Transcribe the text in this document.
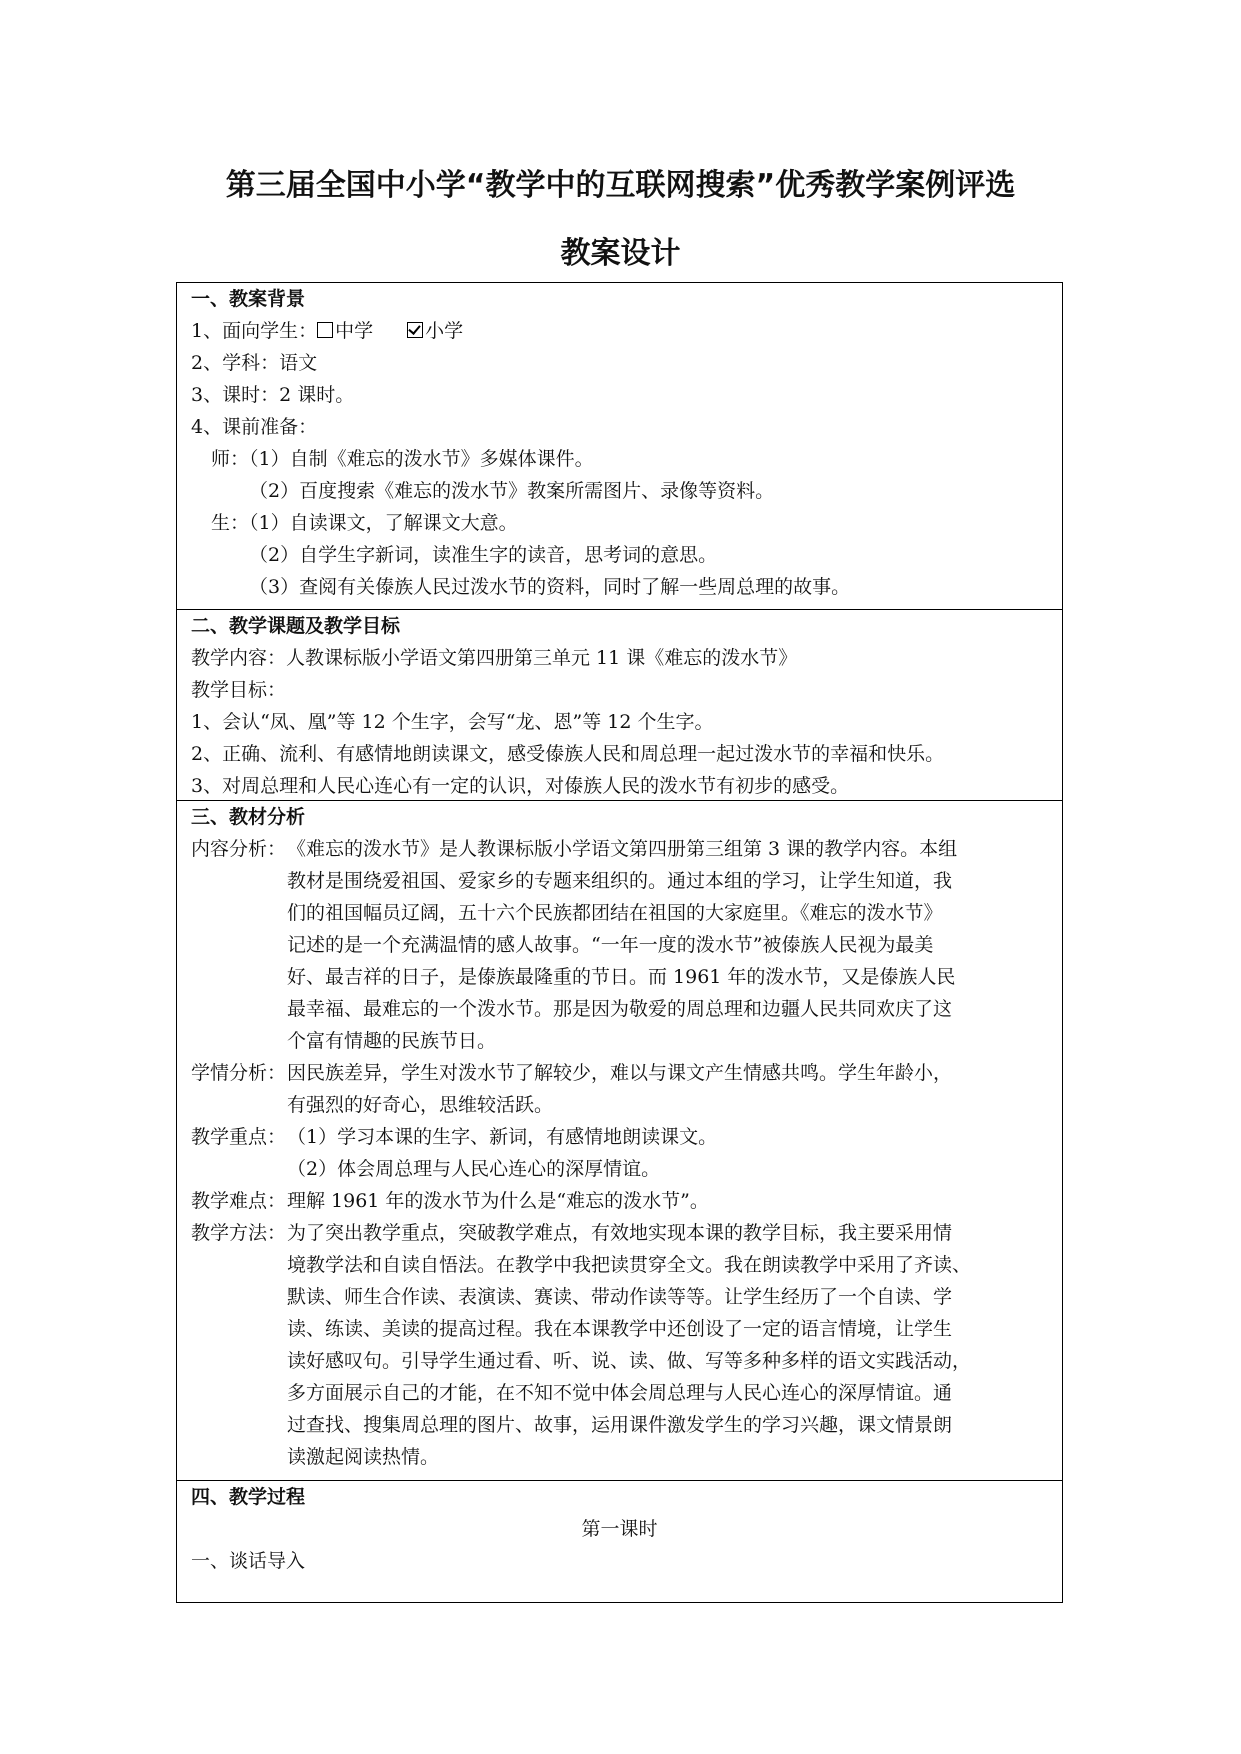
第三届全国中小学“教学中的互联网搜索”优秀教学案例评选
教案设计
一、教案背景
1、面向学生： 中学	小学
2、学科：语文
3、课时：2 课时。
4、课前准备：
师：（1）自制《难忘的泼水节》多媒体课件。
（2）百度搜索《难忘的泼水节》教案所需图片、录像等资料。
生：（1）自读课文，了解课文大意。
（2）自学生字新词，读准生字的读音，思考词的意思。
（3）查阅有关傣族人民过泼水节的资料，同时了解一些周总理的故事。
二、教学课题及教学目标
教学内容：人教课标版小学语文第四册第三单元 11 课《难忘的泼水节》
教学目标：
1、会认“凤、凰”等 12 个生字，会写“龙、恩”等 12 个生字。
2、正确、流利、有感情地朗读课文，感受傣族人民和周总理一起过泼水节的幸福和快乐。
3、对周总理和人民心连心有一定的认识，对傣族人民的泼水节有初步的感受。
三、教材分析
内容分析： 《难忘的泼水节》是人教课标版小学语文第四册第三组第 3 课的教学内容。本组
教材是围绕爱祖国、爱家乡的专题来组织的。通过本组的学习，让学生知道，我
们的祖国幅员辽阔，五十六个民族都团结在祖国的大家庭里。《难忘的泼水节》
记述的是一个充满温情的感人故事。“一年一度的泼水节”被傣族人民视为最美
好、最吉祥的日子，是傣族最隆重的节日。而 1961 年的泼水节，又是傣族人民
最幸福、最难忘的一个泼水节。那是因为敬爱的周总理和边疆人民共同欢庆了这
个富有情趣的民族节日。
学情分析： 因民族差异，学生对泼水节了解较少，难以与课文产生情感共鸣。学生年龄小，
有强烈的好奇心，思维较活跃。
教学重点： （1）学习本课的生字、新词，有感情地朗读课文。
（2）体会周总理与人民心连心的深厚情谊。
教学难点： 理解 1961 年的泼水节为什么是“难忘的泼水节”。
教学方法： 为了突出教学重点，突破教学难点，有效地实现本课的教学目标，我主要采用情
境教学法和自读自悟法。在教学中我把读贯穿全文。我在朗读教学中采用了齐读、
默读、师生合作读、表演读、赛读、带动作读等等。让学生经历了一个自读、学
读、练读、美读的提高过程。我在本课教学中还创设了一定的语言情境，让学生
读好感叹句。引导学生通过看、听、说、读、做、写等多种多样的语文实践活动，
多方面展示自己的才能，在不知不觉中体会周总理与人民心连心的深厚情谊。通
过查找、搜集周总理的图片、故事，运用课件激发学生的学习兴趣，课文情景朗
读激起阅读热情。
四、教学过程
第一课时
一、谈话导入
